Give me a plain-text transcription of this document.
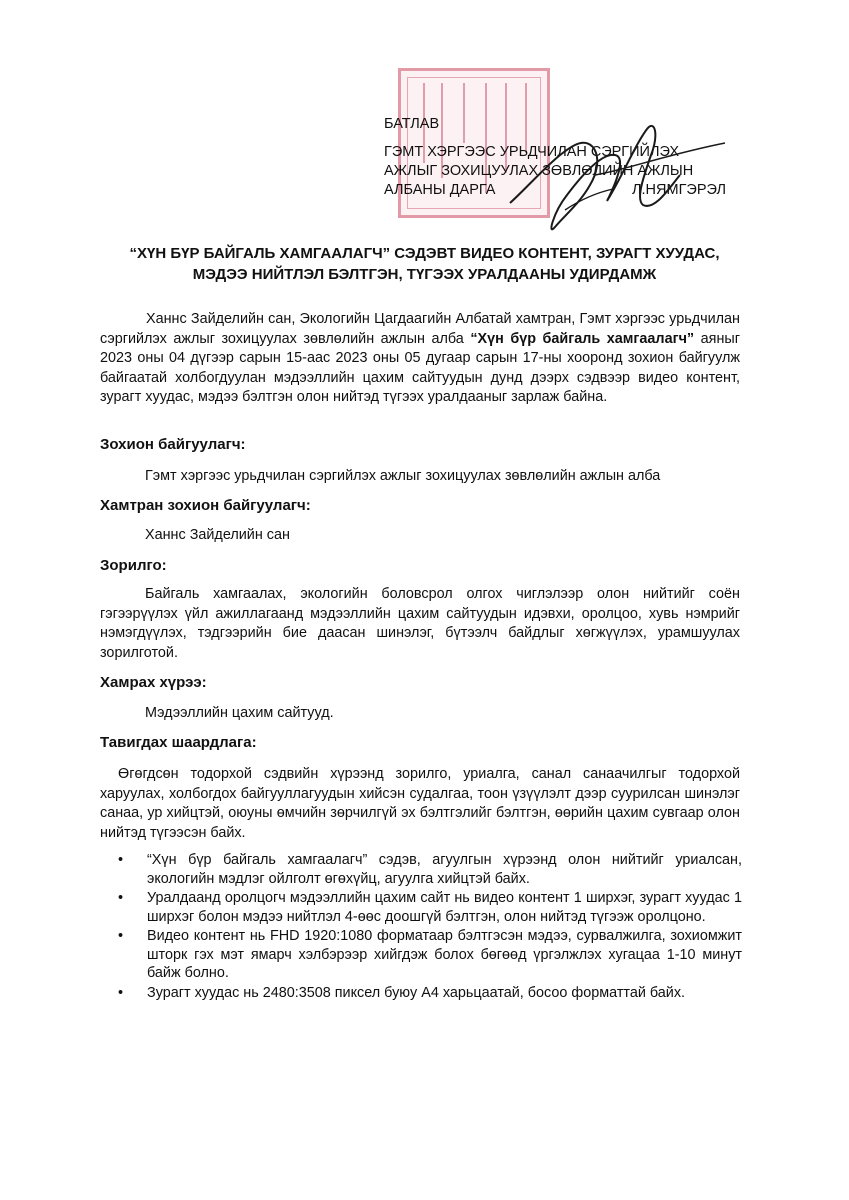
БАТЛАВ
ГЭМТ ХЭРГЭЭС УРЬДЧИЛАН СЭРГИЙЛЭХ
АЖЛЫГ ЗОХИЦУУЛАХ ЗӨВЛӨЛИЙН АЖЛЫН
АЛБАНЫ ДАРГА	Л.НЯМГЭРЭЛ
“ХҮН БҮР БАЙГАЛЬ ХАМГААЛАГЧ” СЭДЭВТ ВИДЕО КОНТЕНТ, ЗУРАГТ ХУУДАС,
МЭДЭЭ НИЙТЛЭЛ БЭЛТГЭН, ТҮГЭЭХ УРАЛДААНЫ УДИРДАМЖ
Ханнс Зайделийн сан, Экологийн Цагдаагийн Албатай хамтран, Гэмт хэргээс урьдчилан сэргийлэх ажлыг зохицуулах зөвлөлийн ажлын алба “Хүн бүр байгаль хамгаалагч” аяныг 2023 оны 04 дүгээр сарын 15-аас 2023 оны 05 дугаар сарын 17-ны хооронд зохион байгуулж байгаатай холбогдуулан мэдээллийн цахим сайтуудын дунд дээрх сэдвээр видео контент, зурагт хуудас, мэдээ бэлтгэн олон нийтэд түгээх уралдааныг зарлаж байна.
Зохион байгуулагч:
Гэмт хэргээс урьдчилан сэргийлэх ажлыг зохицуулах зөвлөлийн ажлын алба
Хамтран зохион байгуулагч:
Ханнс Зайделийн сан
Зорилго:
Байгаль хамгаалах, экологийн боловсрол олгох чиглэлээр олон нийтийг соён гэгээрүүлэх үйл ажиллагаанд мэдээллийн цахим сайтуудын идэвхи, оролцоо, хувь нэмрийг нэмэгдүүлэх, тэдгээрийн бие даасан шинэлэг, бүтээлч байдлыг хөгжүүлэх, урамшуулах зорилготой.
Хамрах хүрээ:
Мэдээллийн цахим сайтууд.
Тавигдах шаардлага:
Өгөгдсөн тодорхой сэдвийн хүрээнд зорилго, уриалга, санал санаачилгыг тодорхой харуулах, холбогдох байгууллагуудын хийсэн судалгаа, тоон үзүүлэлт дээр суурилсан шинэлэг санаа, ур хийцтэй, оюуны өмчийн зөрчилгүй эх бэлтгэлийг бэлтгэн, өөрийн цахим сувгаар олон нийтэд түгээсэн байх.
• “Хүн бүр байгаль хамгаалагч” сэдэв, агуулгын хүрээнд олон нийтийг уриалсан, экологийн мэдлэг ойлголт өгөхүйц, агуулга хийцтэй байх.
• Уралдаанд оролцогч мэдээллийн цахим сайт нь видео контент 1 ширхэг, зурагт хуудас 1 ширхэг болон мэдээ нийтлэл 4-өөс доошгүй бэлтгэн, олон нийтэд түгээж оролцоно.
• Видео контент нь FHD 1920:1080 форматаар бэлтгэсэн мэдээ, сурвалжилга, зохиомжит шторк гэх мэт ямарч хэлбэрээр хийгдэж болох бөгөөд үргэлжлэх хугацаа 1-10 минут байж болно.
• Зурагт хуудас нь 2480:3508 пиксел буюу А4 харьцаатай, босоо форматтай байх.
